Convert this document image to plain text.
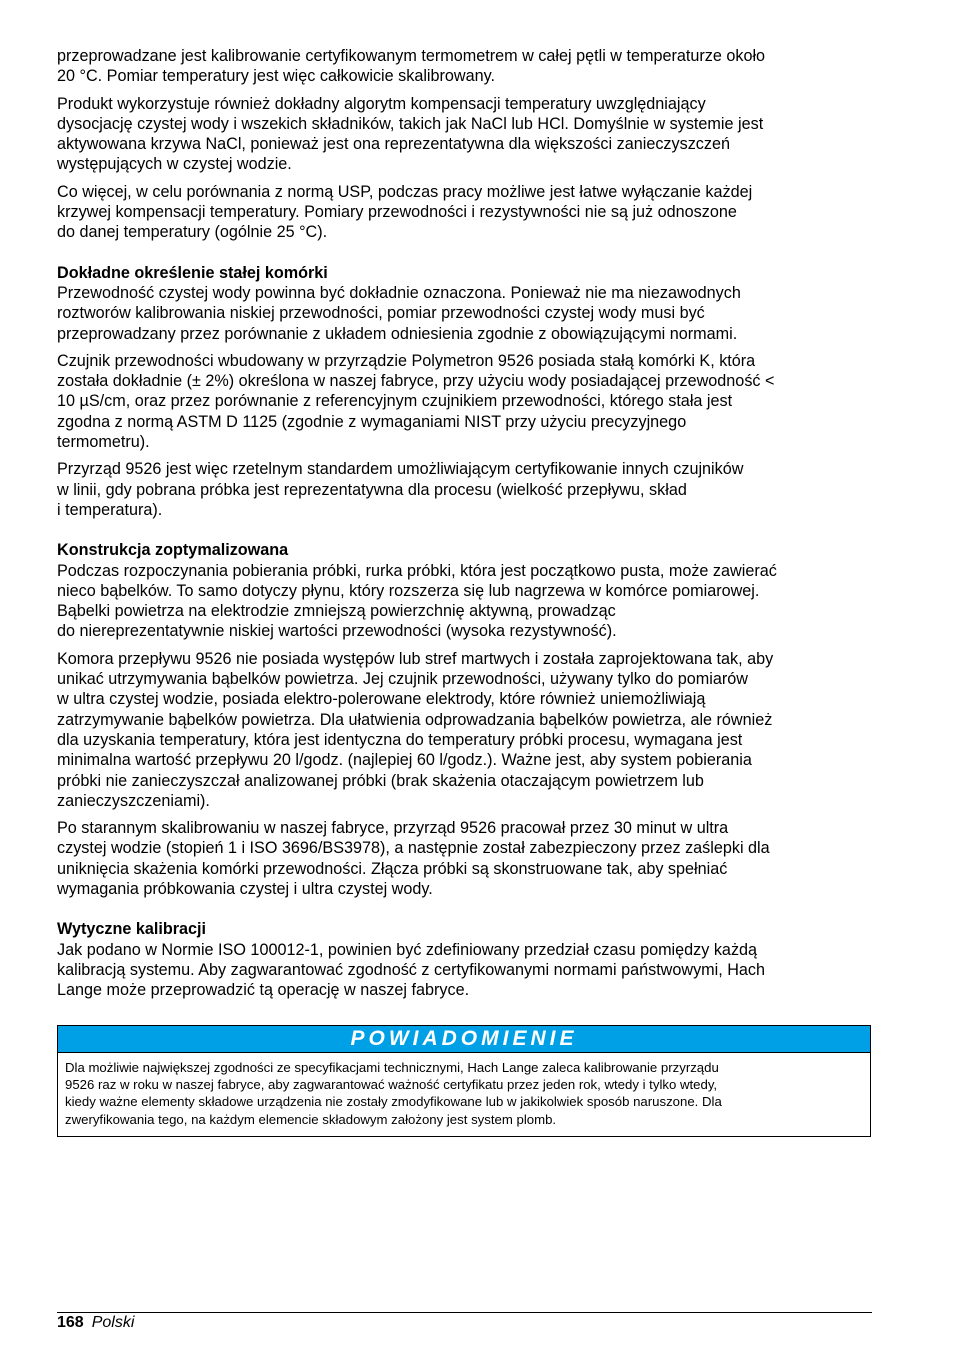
przeprowadzane jest kalibrowanie certyfikowanym termometrem w całej pętli w temperaturze około
20 °C. Pomiar temperatury jest więc całkowicie skalibrowany.

Produkt wykorzystuje również dokładny algorytm kompensacji temperatury uwzględniający
dysocjację czystej wody i wszekich składników, takich jak NaCl lub HCl. Domyślnie w systemie jest
aktywowana krzywa NaCl, ponieważ jest ona reprezentatywna dla większości zanieczyszczeń
występujących w czystej wodzie.

Co więcej, w celu porównania z normą USP, podczas pracy możliwe jest łatwe wyłączanie każdej
krzywej kompensacji temperatury. Pomiary przewodności i rezystywności nie są już odnoszone
do danej temperatury (ogólnie 25 °C).

Dokładne określenie stałej komórki

Przewodność czystej wody powinna być dokładnie oznaczona. Ponieważ nie ma niezawodnych
roztworów kalibrowania niskiej przewodności, pomiar przewodności czystej wody musi być
przeprowadzany przez porównanie z układem odniesienia zgodnie z obowiązującymi normami.

Czujnik przewodności wbudowany w przyrządzie Polymetron 9526 posiada stałą komórki K, która
została dokładnie (± 2%) określona w naszej fabryce, przy użyciu wody posiadającej przewodność <
10 µS/cm, oraz przez porównanie z referencyjnym czujnikiem przewodności, którego stała jest
zgodna z normą ASTM D 1125 (zgodnie z wymaganiami NIST przy użyciu precyzyjnego
termometru).

Przyrząd 9526 jest więc rzetelnym standardem umożliwiającym certyfikowanie innych czujników
w linii, gdy pobrana próbka jest reprezentatywna dla procesu (wielkość przepływu, skład
i temperatura).

Konstrukcja zoptymalizowana

Podczas rozpoczynania pobierania próbki, rurka próbki, która jest początkowo pusta, może zawierać
nieco bąbelków. To samo dotyczy płynu, który rozszerza się lub nagrzewa w komórce pomiarowej.
Bąbelki powietrza na elektrodzie zmniejszą powierzchnię aktywną, prowadząc
do niereprezentatywnie niskiej wartości przewodności (wysoka rezystywność).

Komora przepływu 9526 nie posiada występów lub stref martwych i została zaprojektowana tak, aby
unikać utrzymywania bąbelków powietrza. Jej czujnik przewodności, używany tylko do pomiarów
w ultra czystej wodzie, posiada elektro-polerowane elektrody, które również uniemożliwiają
zatrzymywanie bąbelków powietrza. Dla ułatwienia odprowadzania bąbelków powietrza, ale również
dla uzyskania temperatury, która jest identyczna do temperatury próbki procesu, wymagana jest
minimalna wartość przepływu 20 l/godz. (najlepiej 60 l/godz.). Ważne jest, aby system pobierania
próbki nie zanieczyszczał analizowanej próbki (brak skażenia otaczającym powietrzem lub
zanieczyszczeniami).

Po starannym skalibrowaniu w naszej fabryce, przyrząd 9526 pracował przez 30 minut w ultra
czystej wodzie (stopień 1 i ISO 3696/BS3978), a następnie został zabezpieczony przez zaślepki dla
uniknięcia skażenia komórki przewodności. Złącza próbki są skonstruowane tak, aby spełniać
wymagania próbkowania czystej i ultra czystej wody.

Wytyczne kalibracji

Jak podano w Normie ISO 100012-1, powinien być zdefiniowany przedział czasu pomiędzy każdą
kalibracją systemu. Aby zagwarantować zgodność z certyfikowanymi normami państwowymi, Hach
Lange może przeprowadzić tą operację w naszej fabryce.

POWIADOMIENIE
Dla możliwie największej zgodności ze specyfikacjami technicznymi, Hach Lange zaleca kalibrowanie przyrządu
9526 raz w roku w naszej fabryce, aby zagwarantować ważność certyfikatu przez jeden rok, wtedy i tylko wtedy,
kiedy ważne elementy składowe urządzenia nie zostały zmodyfikowane lub w jakikolwiek sposób naruszone. Dla
zweryfikowania tego, na każdym elemencie składowym założony jest system plomb.
168 Polski
